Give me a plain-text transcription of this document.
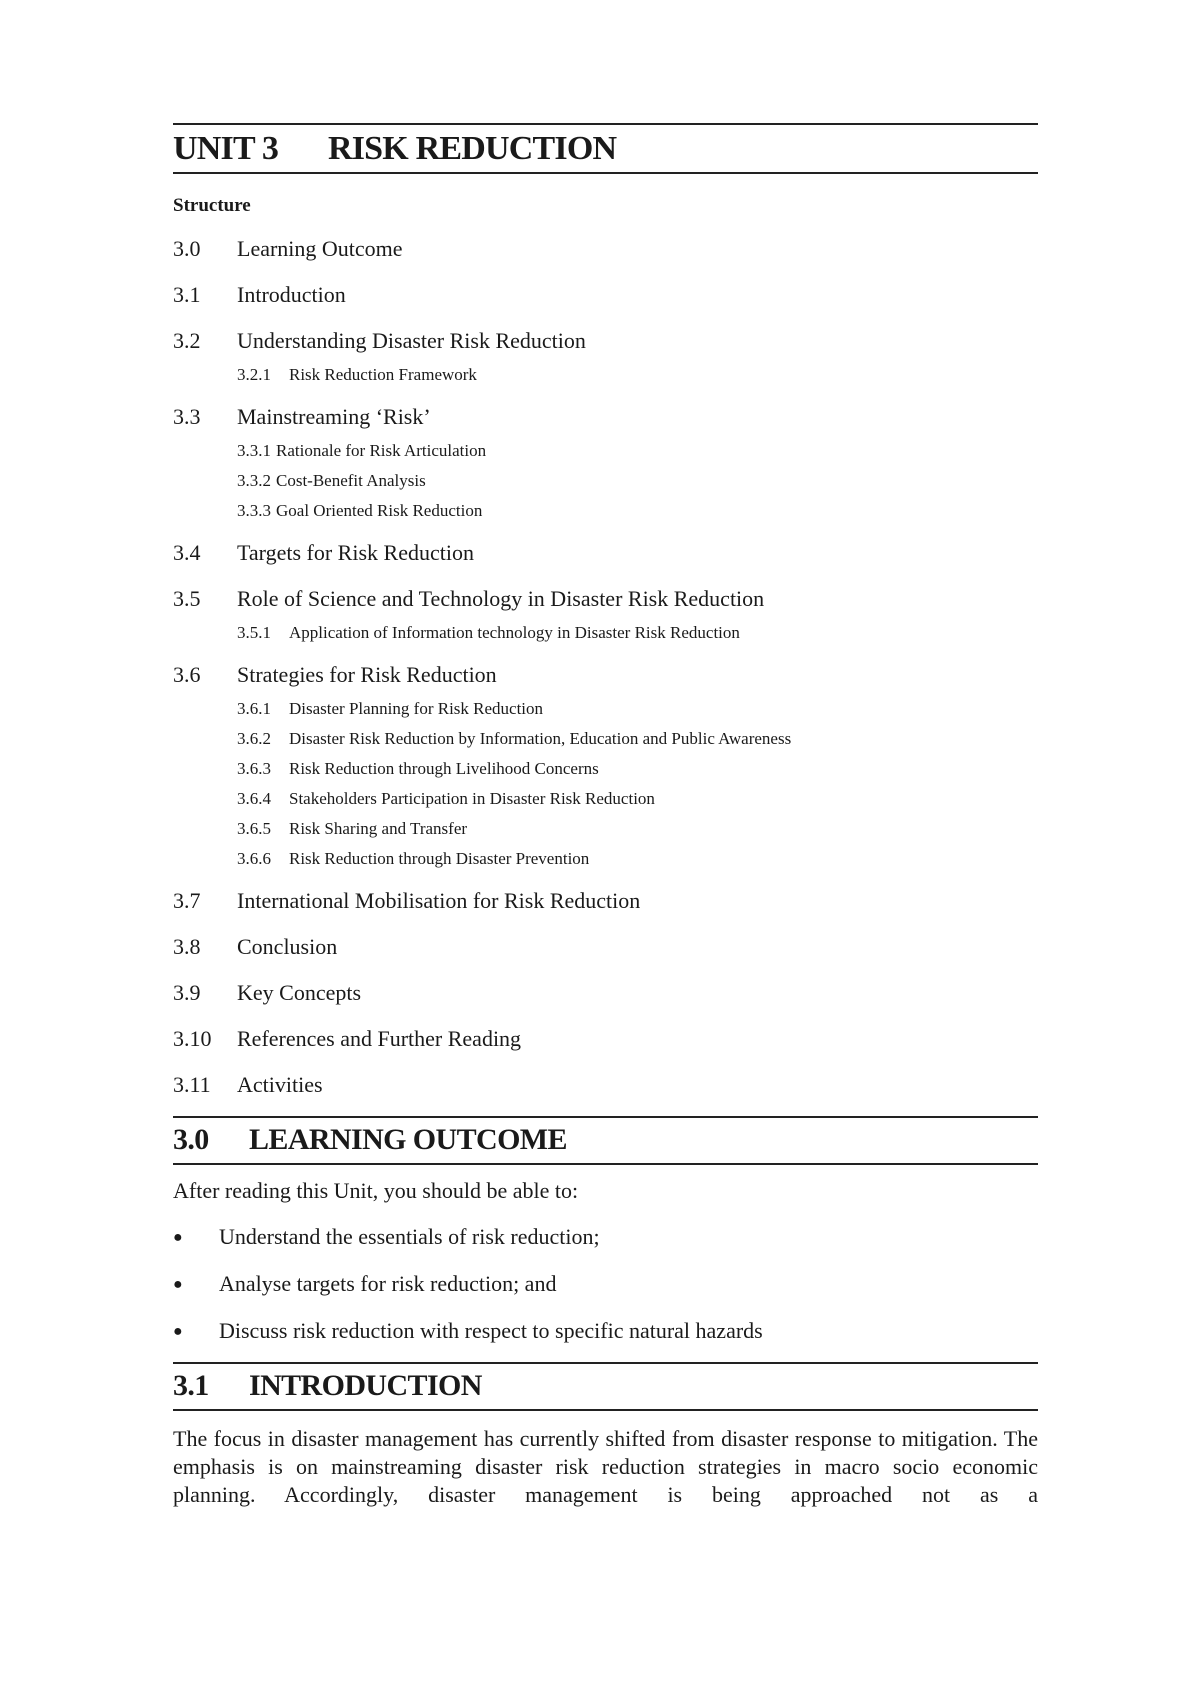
UNIT 3 RISK REDUCTION
Structure
3.0 Learning Outcome
3.1 Introduction
3.2 Understanding Disaster Risk Reduction
3.2.1 Risk Reduction Framework
3.3 Mainstreaming ‘Risk’
3.3.1 Rationale for Risk Articulation
3.3.2 Cost-Benefit Analysis
3.3.3 Goal Oriented Risk Reduction
3.4 Targets for Risk Reduction
3.5 Role of Science and Technology in Disaster Risk Reduction
3.5.1 Application of Information technology in Disaster Risk Reduction
3.6 Strategies for Risk Reduction
3.6.1 Disaster Planning for Risk Reduction
3.6.2 Disaster Risk Reduction by Information, Education and Public Awareness
3.6.3 Risk Reduction through Livelihood Concerns
3.6.4 Stakeholders Participation in Disaster Risk Reduction
3.6.5 Risk Sharing and Transfer
3.6.6 Risk Reduction through Disaster Prevention
3.7 International Mobilisation for Risk Reduction
3.8 Conclusion
3.9 Key Concepts
3.10 References and Further Reading
3.11 Activities
3.0 LEARNING OUTCOME

After reading this Unit, you should be able to:

● Understand the essentials of risk reduction;
● Analyse targets for risk reduction; and
● Discuss risk reduction with respect to specific natural hazards
3.1 INTRODUCTION

The focus in disaster management has currently shifted from disaster response to mitigation. The emphasis is on mainstreaming disaster risk reduction strategies in macro socio economic planning. Accordingly, disaster management is being approached not as a
